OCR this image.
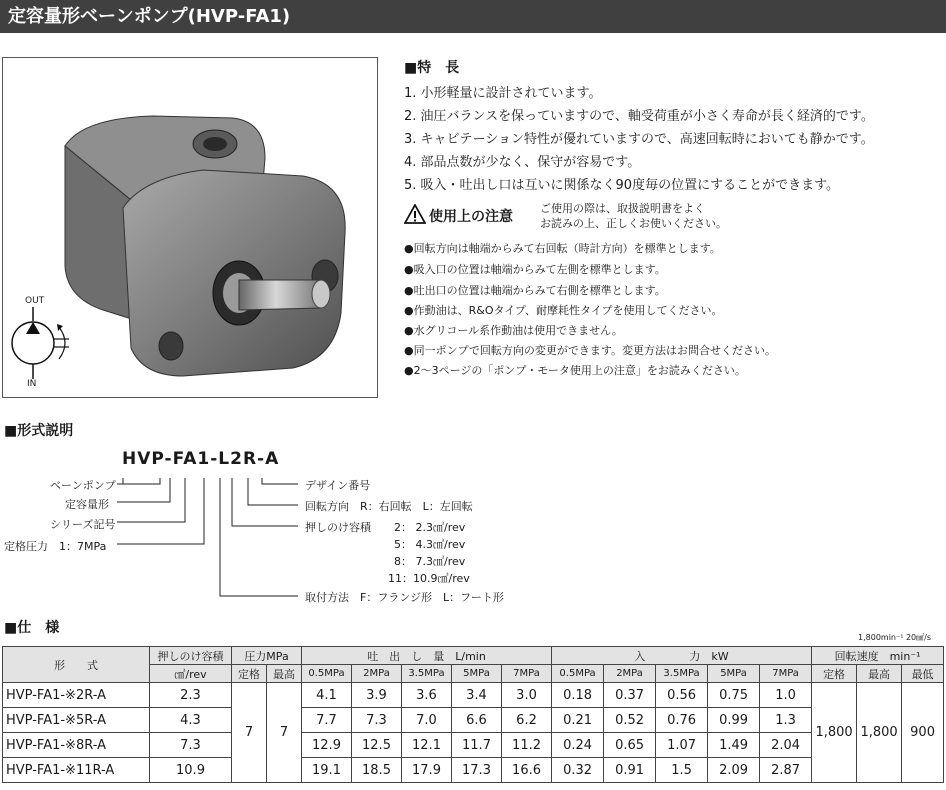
定容量形ベーンポンプ(HVP-FA1)
OUT
IN
■特　長
1. 小形軽量に設計されています。
2. 油圧バランスを保っていますので、軸受荷重が小さく寿命が長く経済的です。
3. キャビテーション特性が優れていますので、高速回転時においても静かです。
4. 部品点数が少なく、保守が容易です。
5. 吸入・吐出し口は互いに関係なく90度毎の位置にすることができます。
使用上の注意
ご使用の際は、取扱説明書をよく
お読みの上、正しくお使いください。
●回転方向は軸端からみて右回転（時計方向）を標準とします。
●吸入口の位置は軸端からみて左側を標準とします。
●吐出口の位置は軸端からみて右側を標準とします。
●作動油は、R&Oタイプ、耐摩耗性タイプを使用してください。
●水グリコール系作動油は使用できません。
●同一ポンプで回転方向の変更ができます。変更方法はお問合せください。
●2〜3ページの「ポンプ・モータ使用上の注意」をお読みください。
■形式説明
HVP-FA1-L2R-A
ベーンポンプ
定容量形
シリーズ記号
定格圧力　1：7MPa
デザイン番号
回転方向　R：右回転　L：左回転
押しのけ容積 2： 2.3㎤/rev
5： 4.3㎤/rev
8： 7.3㎤/rev
11：10.9㎤/rev
取付方法　F：フランジ形　L：フート形
■仕　様
1,800min⁻¹ 20㎟/s
形　　式	押しのけ容積	圧力MPa		吐　出　し　量　L/min					入　　　　力　kW					回転速度　min⁻¹		
	㎤/rev	定格	最高	0.5MPa	2MPa	3.5MPa	5MPa	7MPa	0.5MPa	2MPa	3.5MPa	5MPa	7MPa	定格	最高	最低
HVP-FA1-※2R-A	2.3	7	7	4.1	3.9	3.6	3.4	3.0	0.18	0.37	0.56	0.75	1.0	1,800	1,800	900
HVP-FA1-※5R-A	4.3			7.7	7.3	7.0	6.6	6.2	0.21	0.52	0.76	0.99	1.3			
HVP-FA1-※8R-A	7.3			12.9	12.5	12.1	11.7	11.2	0.24	0.65	1.07	1.49	2.04			
HVP-FA1-※11R-A	10.9			19.1	18.5	17.9	17.3	16.6	0.32	0.91	1.5	2.09	2.87			
